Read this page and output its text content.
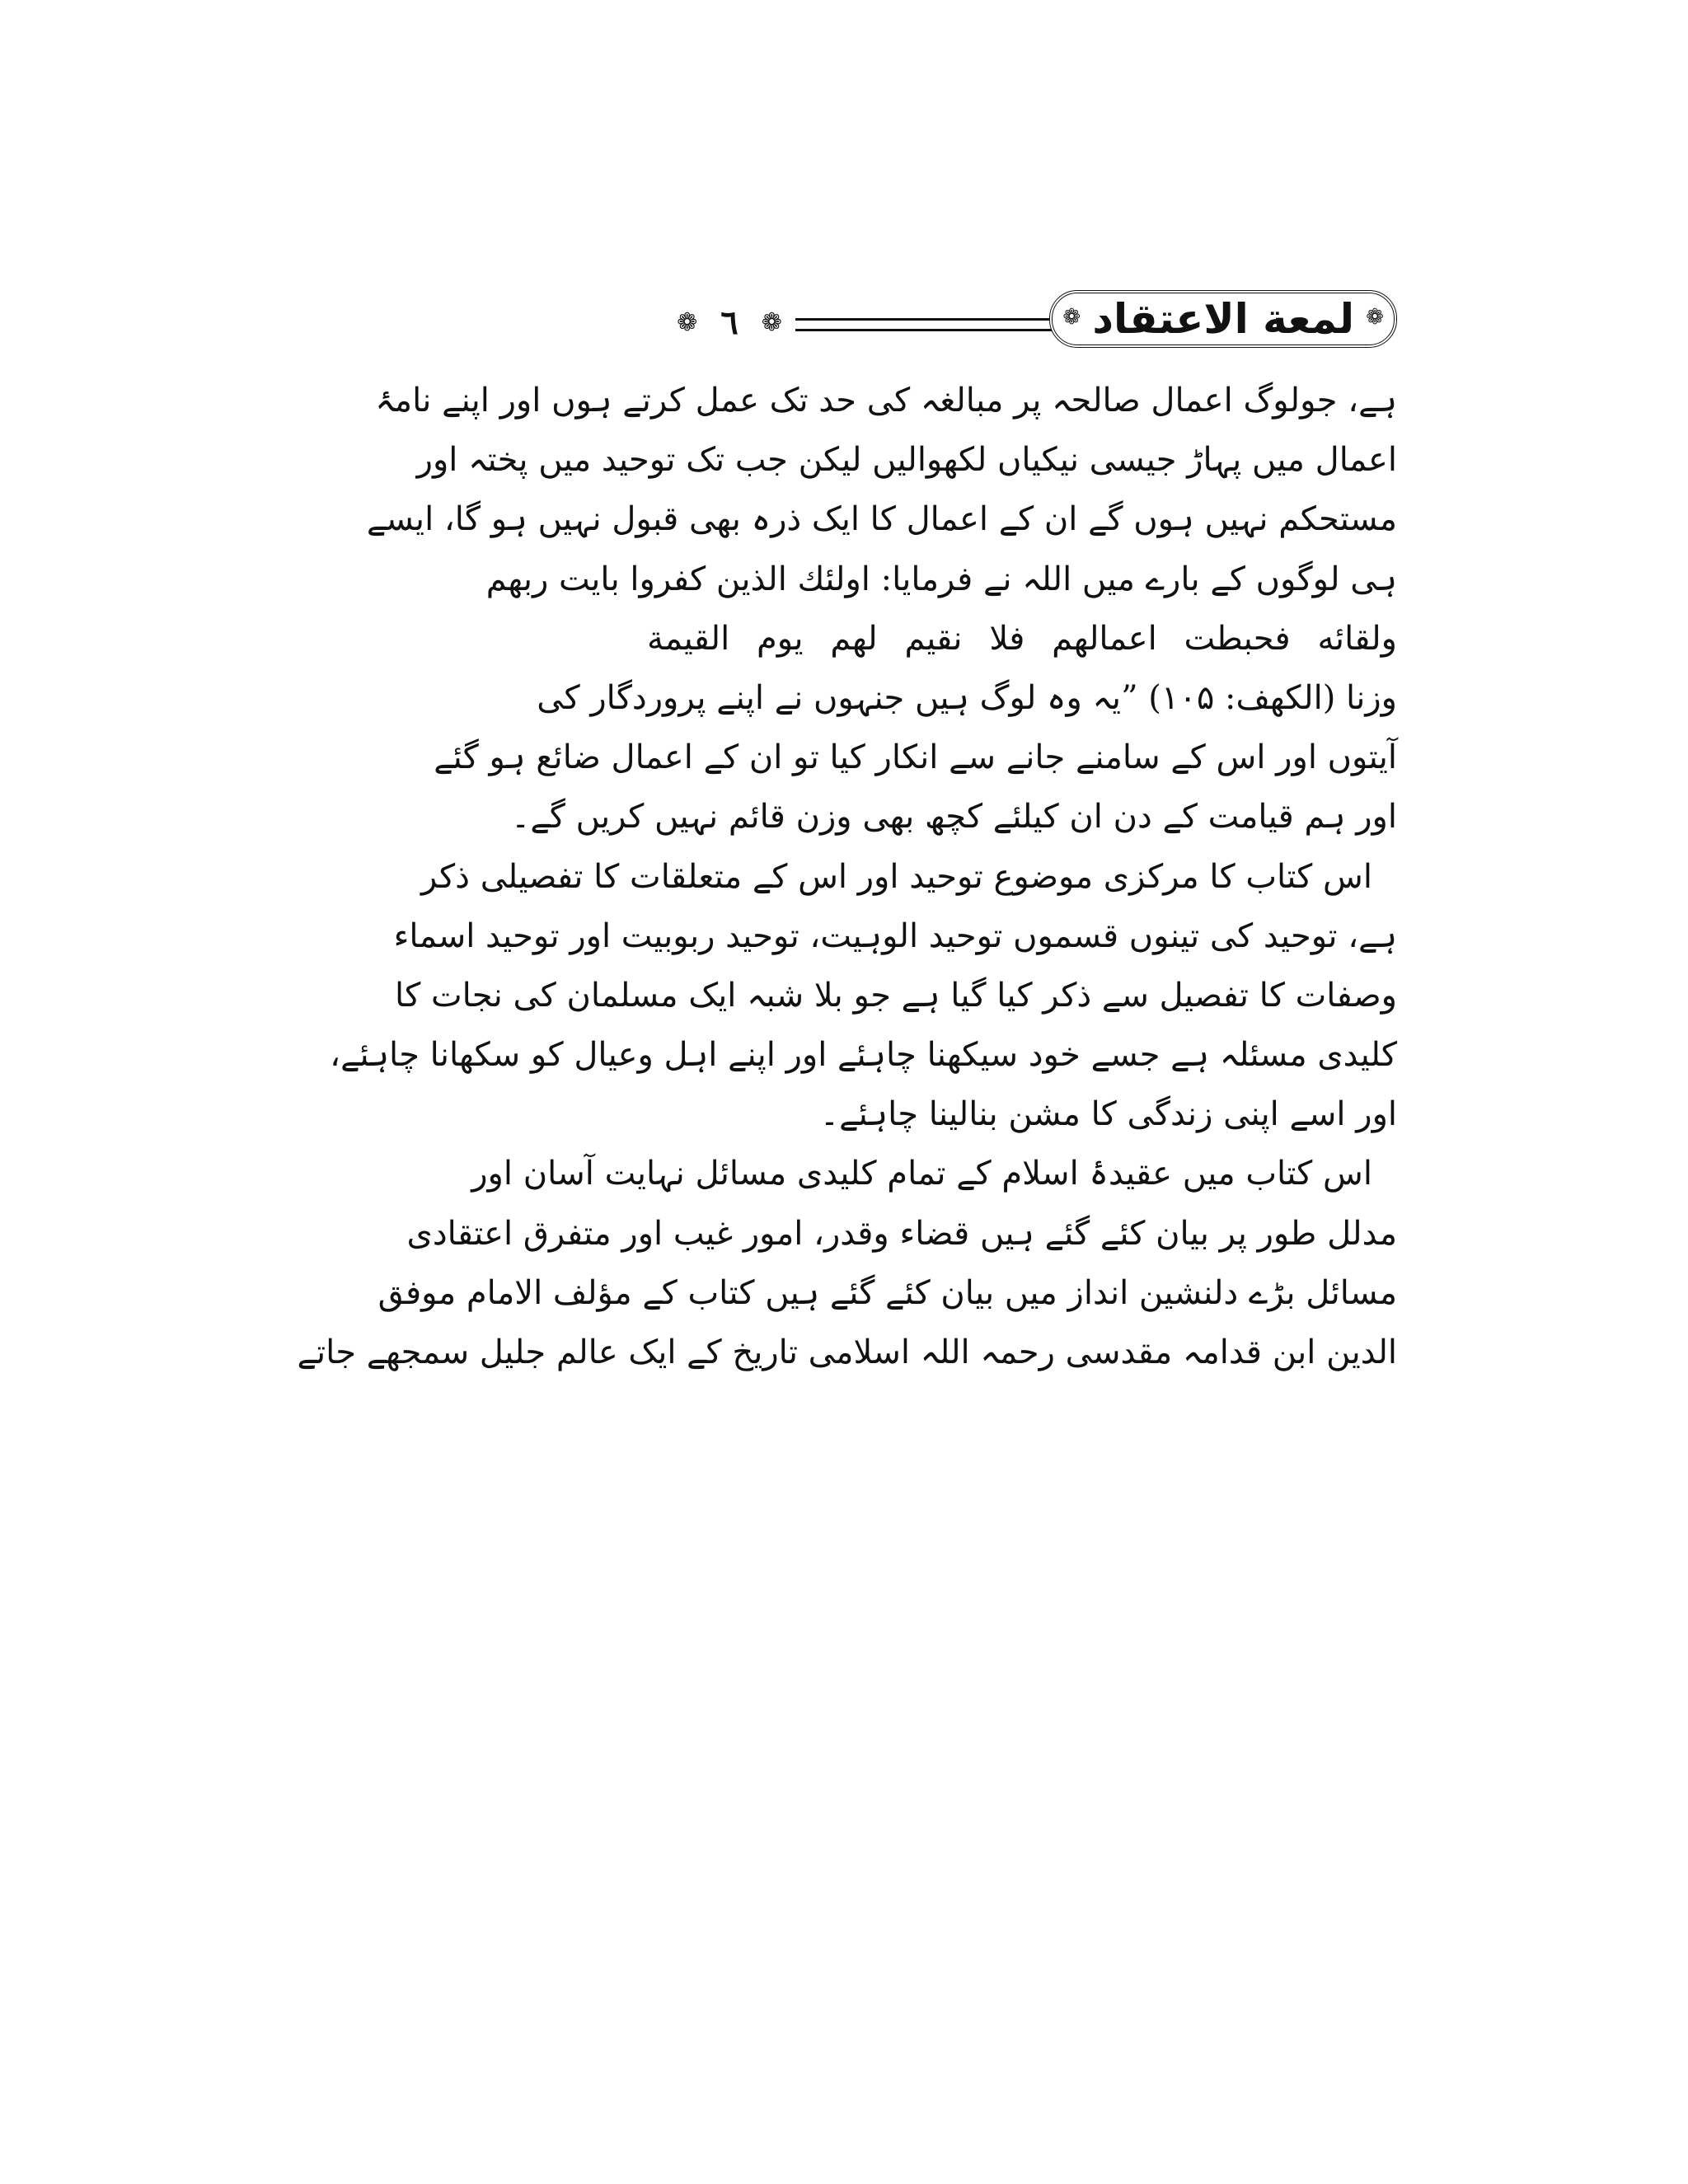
❁ ٦ ❁	❁ لمعة الاعتقاد ❁
ہے، جولوگ اعمال صالحہ پر مبالغہ کی حد تک عمل کرتے ہوں اور اپنے نامۂ
اعمال میں پہاڑ جیسی نیکیاں لکھوالیں لیکن جب تک توحید میں پختہ اور
مستحکم نہیں ہوں گے ان کے اعمال کا ایک ذرہ بھی قبول نہیں ہو گا، ایسے
ہی لوگوں کے بارے میں اللہ نے فرمایا: اولئك الذين كفروا بايت ربهم
ولقائه فحبطت اعمالهم فلا نقيم لهم يوم القيمة
وزنا (الكهف: ۱۰۵) ”یہ وہ لوگ ہیں جنہوں نے اپنے پروردگار کی
آیتوں اور اس کے سامنے جانے سے انکار کیا تو ان کے اعمال ضائع ہو گئے
اور ہم قیامت کے دن ان کیلئے کچھ بھی وزن قائم نہیں کریں گے۔
اس کتاب کا مرکزی موضوع توحید اور اس کے متعلقات کا تفصیلی ذکر
ہے، توحید کی تینوں قسموں توحید الوہیت، توحید ربوبیت اور توحید اسماء
وصفات کا تفصیل سے ذکر کیا گیا ہے جو بلا شبہ ایک مسلمان کی نجات کا
کلیدی مسئلہ ہے جسے خود سیکھنا چاہئے اور اپنے اہل وعیال کو سکھانا چاہئے،
اور اسے اپنی زندگی کا مشن بنالینا چاہئے۔
اس کتاب میں عقیدۂ اسلام کے تمام کلیدی مسائل نہایت آسان اور
مدلل طور پر بیان کئے گئے ہیں قضاء وقدر، امور غیب اور متفرق اعتقادی
مسائل بڑے دلنشین انداز میں بیان کئے گئے ہیں کتاب کے مؤلف الامام موفق
الدین ابن قدامہ مقدسی رحمہ اللہ اسلامی تاریخ کے ایک عالم جلیل سمجھے جاتے
